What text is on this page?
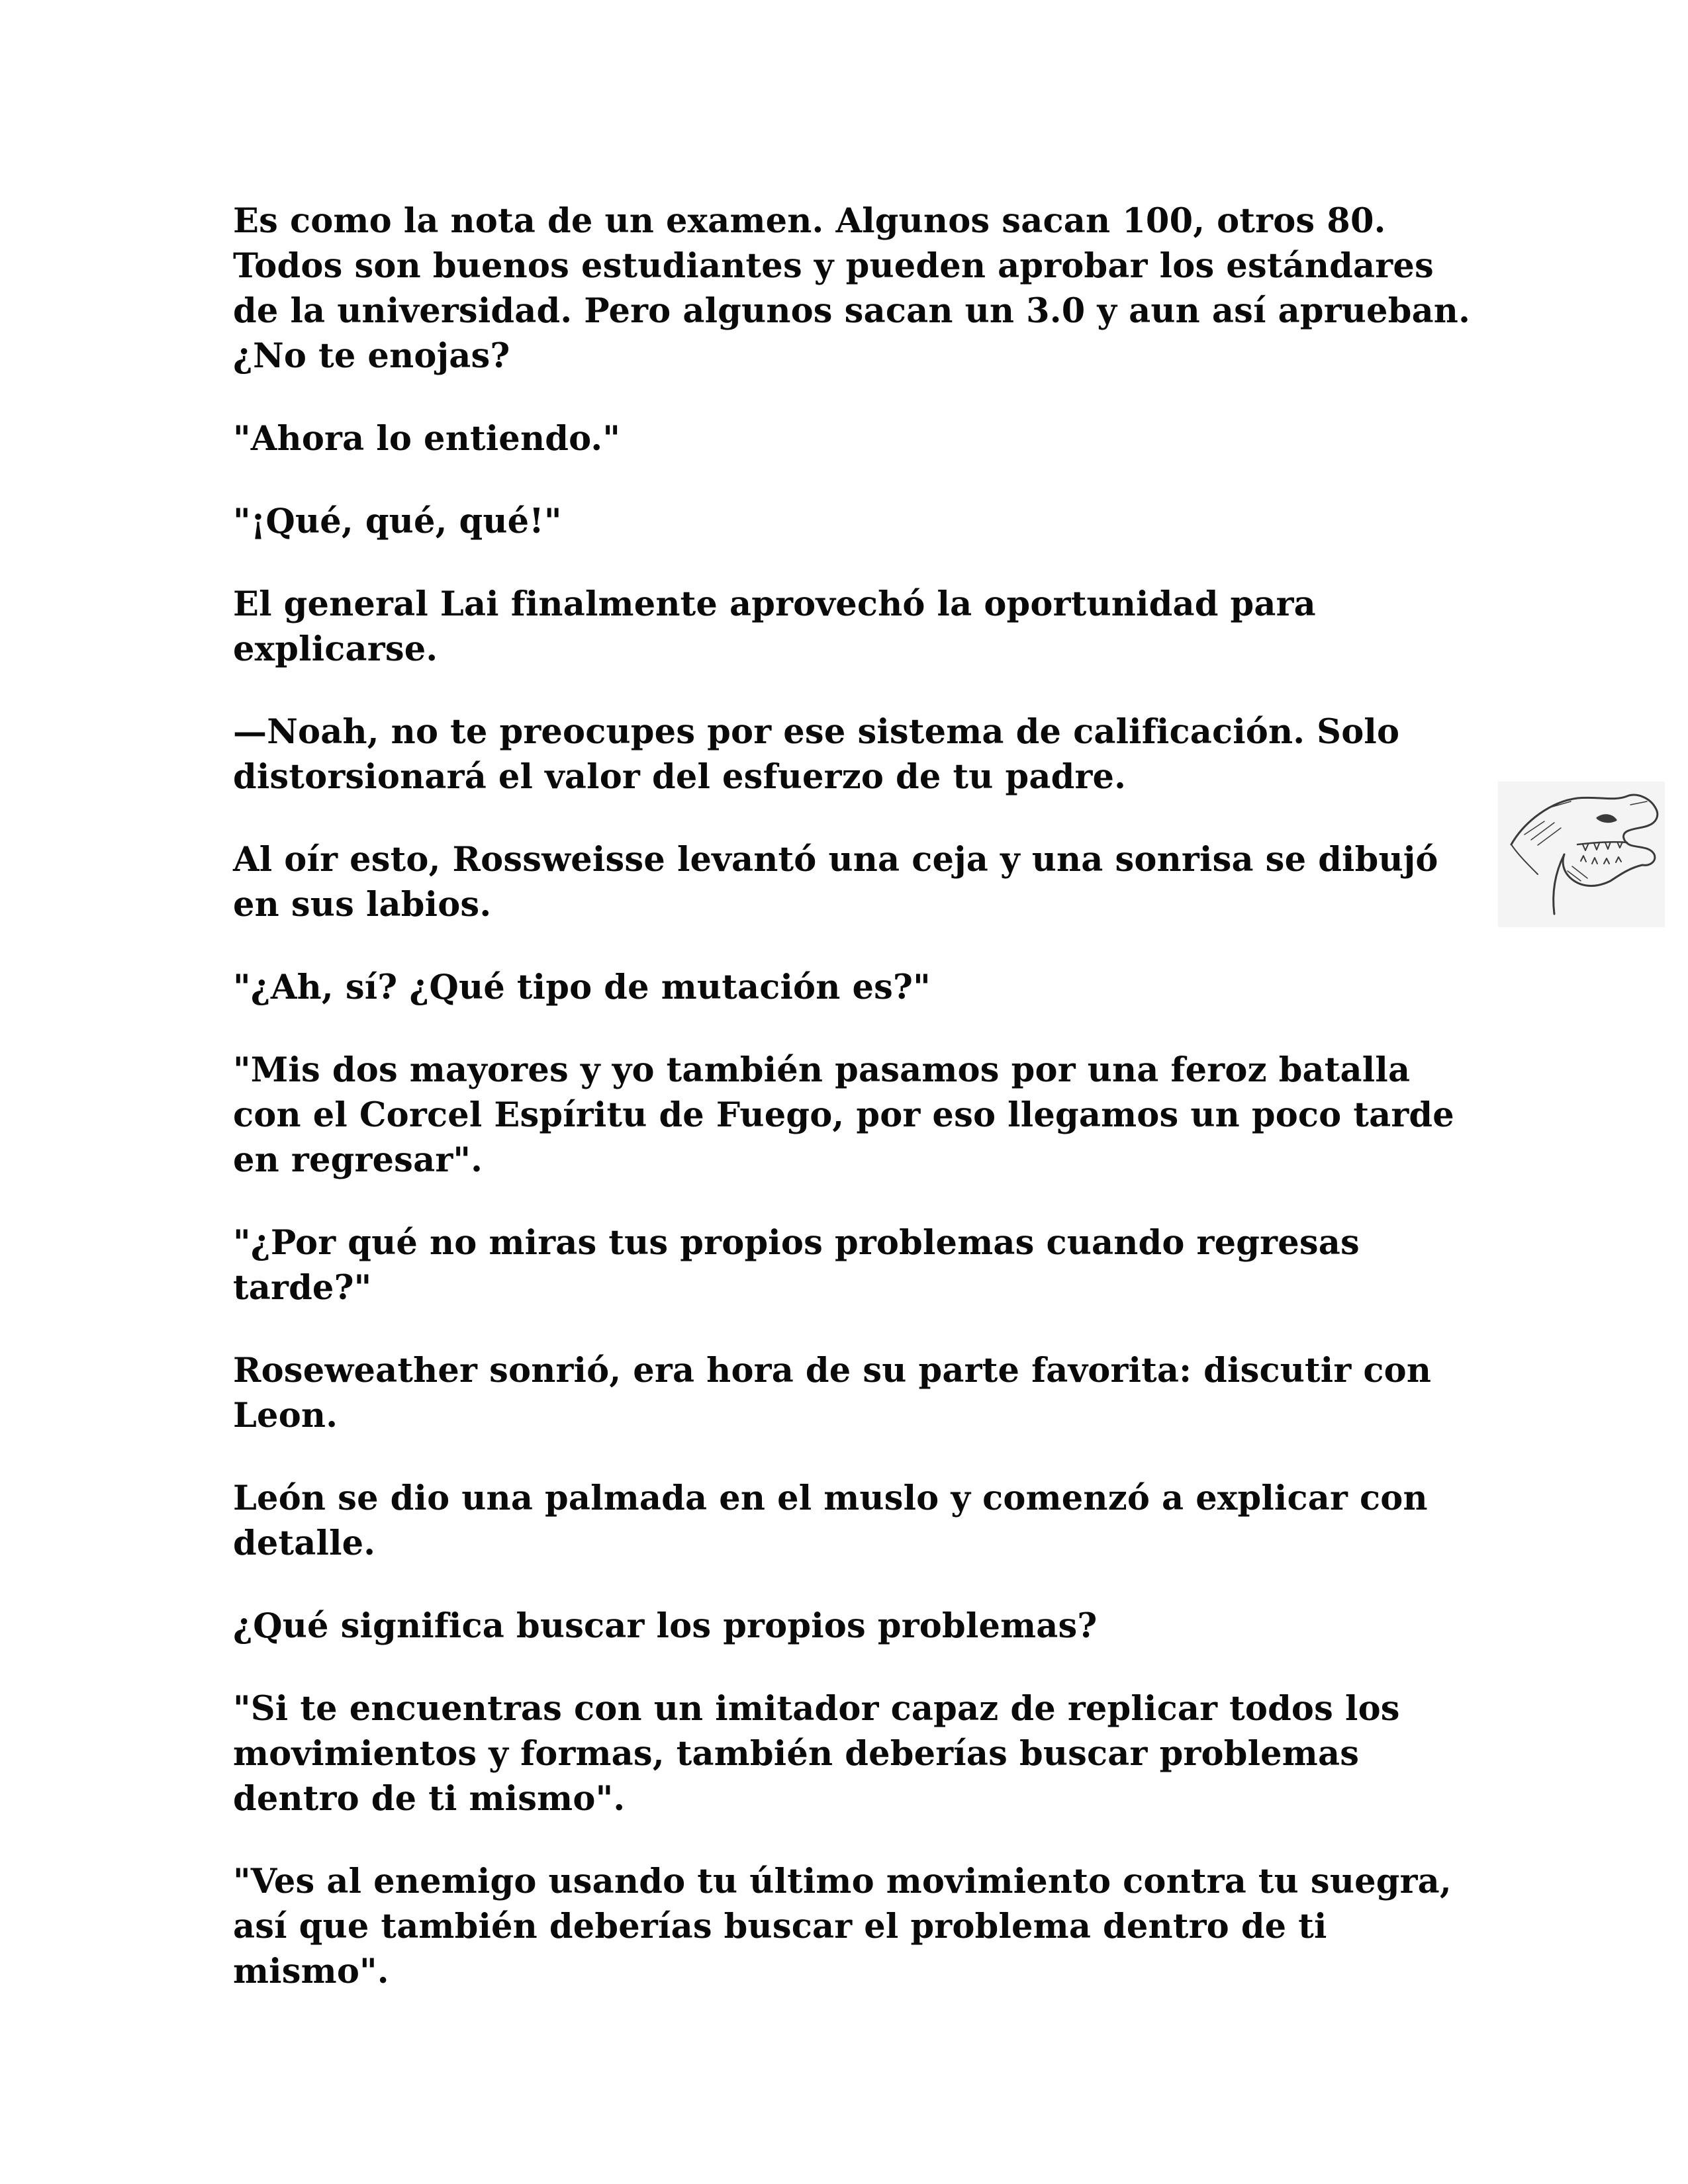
Es como la nota de un examen. Algunos sacan 100, otros 80. Todos son buenos estudiantes y pueden aprobar los estándares de la universidad. Pero algunos sacan un 3.0 y aun así aprueban. ¿No te enojas?

"Ahora lo entiendo."

"¡Qué, qué, qué!"

El general Lai finalmente aprovechó la oportunidad para explicarse.

—Noah, no te preocupes por ese sistema de calificación. Solo distorsionará el valor del esfuerzo de tu padre.

Al oír esto, Rossweisse levantó una ceja y una sonrisa se dibujó en sus labios.

"¿Ah, sí? ¿Qué tipo de mutación es?"

"Mis dos mayores y yo también pasamos por una feroz batalla con el Corcel Espíritu de Fuego, por eso llegamos un poco tarde en regresar".

"¿Por qué no miras tus propios problemas cuando regresas tarde?"

Roseweather sonrió, era hora de su parte favorita: discutir con Leon.

León se dio una palmada en el muslo y comenzó a explicar con detalle.

¿Qué significa buscar los propios problemas?

"Si te encuentras con un imitador capaz de replicar todos los movimientos y formas, también deberías buscar problemas dentro de ti mismo".

"Ves al enemigo usando tu último movimiento contra tu suegra, así que también deberías buscar el problema dentro de ti mismo".
